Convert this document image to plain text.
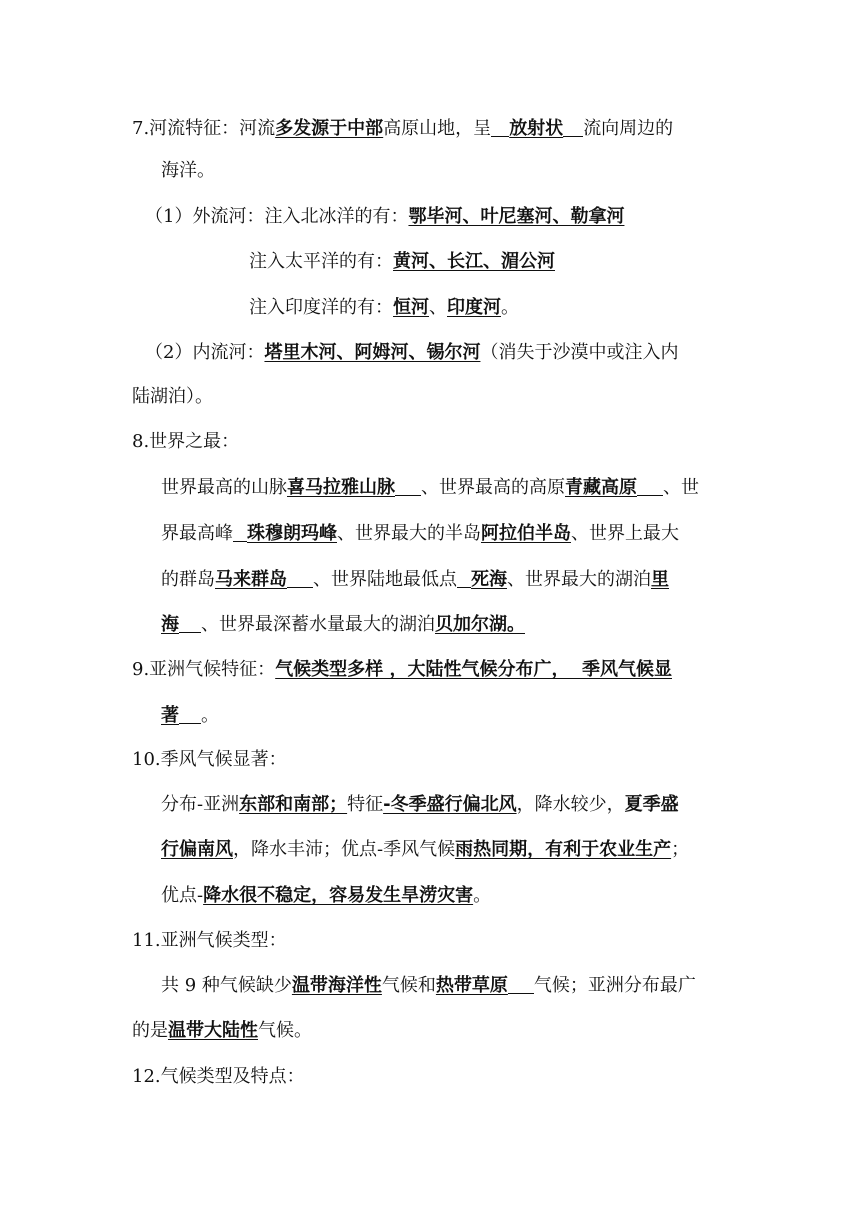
7.河流特征：河流多发源于中部高原山地，呈 放射状 流向周边的
海洋。
（1）外流河：注入北冰洋的有：鄂毕河、叶尼塞河、勒拿河
注入太平洋的有：黄河、长江、湄公河
注入印度洋的有：恒河、印度河。
（2）内流河：塔里木河、阿姆河、锡尔河（消失于沙漠中或注入内
陆湖泊）。
8.世界之最：
世界最高的山脉喜马拉雅山脉 、世界最高的高原青藏高原 、世
界最高峰 珠穆朗玛峰、世界最大的半岛阿拉伯半岛、世界上最大
的群岛马来群岛 、世界陆地最低点 死海、世界最大的湖泊里
海 、世界最深蓄水量最大的湖泊贝加尔湖。
9.亚洲气候特征：气候类型多样 ，大陆性气候分布广，  季风气候显
著 。
10.季风气候显著：
分布-亚洲东部和南部；特征-冬季盛行偏北风，降水较少，夏季盛
行偏南风，降水丰沛；优点-季风气候雨热同期，有利于农业生产；
优点-降水很不稳定，容易发生旱涝灾害。
11.亚洲气候类型：
共 9 种气候缺少温带海洋性气候和热带草原 气候；亚洲分布最广
的是温带大陆性气候。
12.气候类型及特点：
